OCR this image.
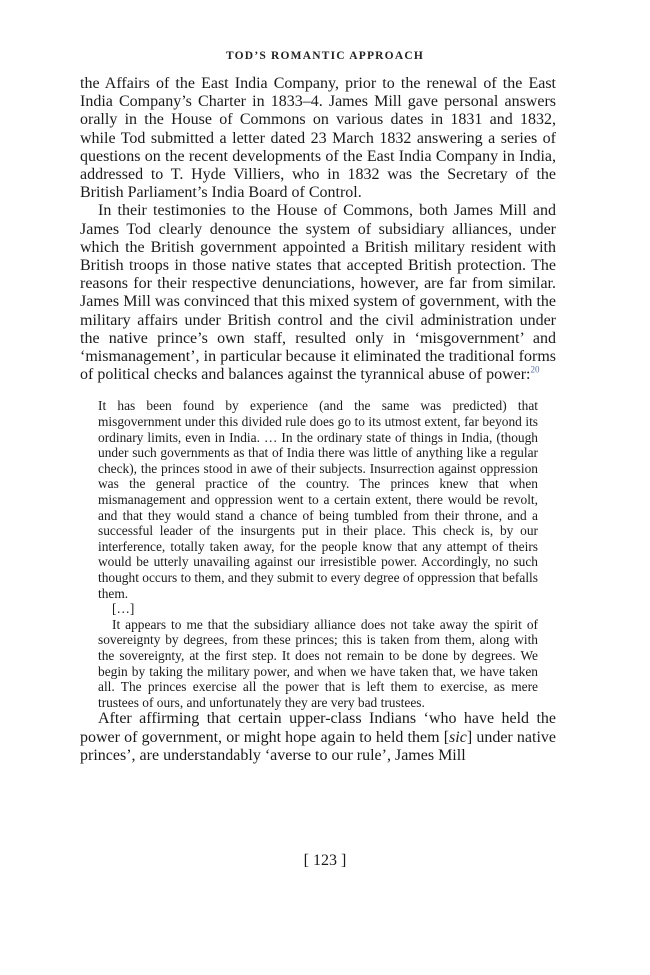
TOD’S ROMANTIC APPROACH

the Affairs of the East India Company, prior to the renewal of the East India Company’s Charter in 1833–4. James Mill gave personal answers orally in the House of Commons on various dates in 1831 and 1832, while Tod submitted a letter dated 23 March 1832 answering a series of questions on the recent developments of the East India Company in India, addressed to T. Hyde Villiers, who in 1832 was the Secretary of the British Parliament’s India Board of Control.

In their testimonies to the House of Commons, both James Mill and James Tod clearly denounce the system of subsidiary alliances, under which the British government appointed a British military resident with British troops in those native states that accepted British protection. The reasons for their respective denunciations, however, are far from similar. James Mill was convinced that this mixed system of government, with the military affairs under British control and the civil administration under the native prince’s own staff, resulted only in ‘misgovernment’ and ‘mismanagement’, in particular because it eliminated the traditional forms of political checks and balances against the tyrannical abuse of power:$^{20}$

It has been found by experience (and the same was predicted) that misgovernment under this divided rule does go to its utmost extent, far beyond its ordinary limits, even in India. … In the ordinary state of things in India, (though under such governments as that of India there was little of anything like a regular check), the princes stood in awe of their subjects. Insurrection against oppression was the general practice of the country. The princes knew that when mismanagement and oppression went to a certain extent, there would be revolt, and that they would stand a chance of being tumbled from their throne, and a successful leader of the insurgents put in their place. This check is, by our interference, totally taken away, for the people know that any attempt of theirs would be utterly unavailing against our irresistible power. Accordingly, no such thought occurs to them, and they submit to every degree of oppression that befalls them.

[…]

It appears to me that the subsidiary alliance does not take away the spirit of sovereignty by degrees, from these princes; this is taken from them, along with the sovereignty, at the first step. It does not remain to be done by degrees. We begin by taking the military power, and when we have taken that, we have taken all. The princes exercise all the power that is left them to exercise, as mere trustees of ours, and unfortunately they are very bad trustees.

After affirming that certain upper-class Indians ‘who have held the power of government, or might hope again to held them [sic] under native princes’, are understandably ‘averse to our rule’, James Mill

[ 123 ]
